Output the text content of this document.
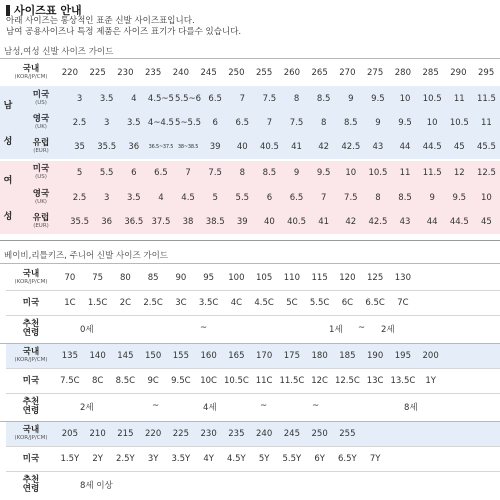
사이즈표 안내
아래 사이즈는 통상적인 표준 신발 사이즈표입니다.
남여 공용사이즈나 특정 제품은 사이즈 표기가 다를수 있습니다.
남성,여성 신발 사이즈 가이드
국내
(KOR/JP/CM)	220	225	230	235	240	245	250	255	260	265	270	275	280	285	290	295
남
성
미국
(US)	3	3.5	4	4.5~5 5.5~6 6.5	7	7.5	8	8.5	9	9.5	10	10.5	11	11.5
영국
(UK)	2.5	3	3.5 4~4.5 5~5.5	6	6.5	7	7.5	8	8.5	9	9.5	10	10.5	11
유럽
(EUR)	35	35.5	36	36.5~37.5 38~38.5	39	40	40.5	41	42	42.5	43	44	44.5	45	45.5
여
성
미국
(US)	5	5.5	6	6.5	7	7.5	8	8.5	9	9.5	10	10.5	11	11.5	12	12.5
영국
(UK)	2.5	3	3.5	4	4.5	5	5.5	6	6.5	7	7.5	8	8.5	9	9.5	10
유럽
(EUR)	35.5	36	36.5 37.5	38	38.5	39	40	40.5	41	42	42.5	43	44	44.5	45
베이비,리틀키즈, 주니어 신발 사이즈 가이드
국내
(KOR/JP/CM)	70	75	80	85	90	95	100	105	110	115	120	125	130
미국	1C	1.5C	2C	2.5C	3C	3.5C	4C	4.5C	5C	5.5C	6C	6.5C	7C
추천
연령	0세	~	1세 ~ 2세
국내
(KOR/JP/CM)	135	140	145	150	155	160	165	170	175	180	185	190	195	200
미국	7.5C	8C	8.5C	9C	9.5C	10C 10.5C 11C 11.5C 12C 12.5C 13C 13.5C	1Y
추천
연령	2세	~	4세	~	~	8세
국내
(KOR/JP/CM)	205	210	215	220	225	230	235	240	245	250	255
미국	1.5Y	2Y	2.5Y	3Y	3.5Y	4Y	4.5Y	5Y	5.5Y	6Y	6.5Y	7Y
추천
연령	8세 이상
